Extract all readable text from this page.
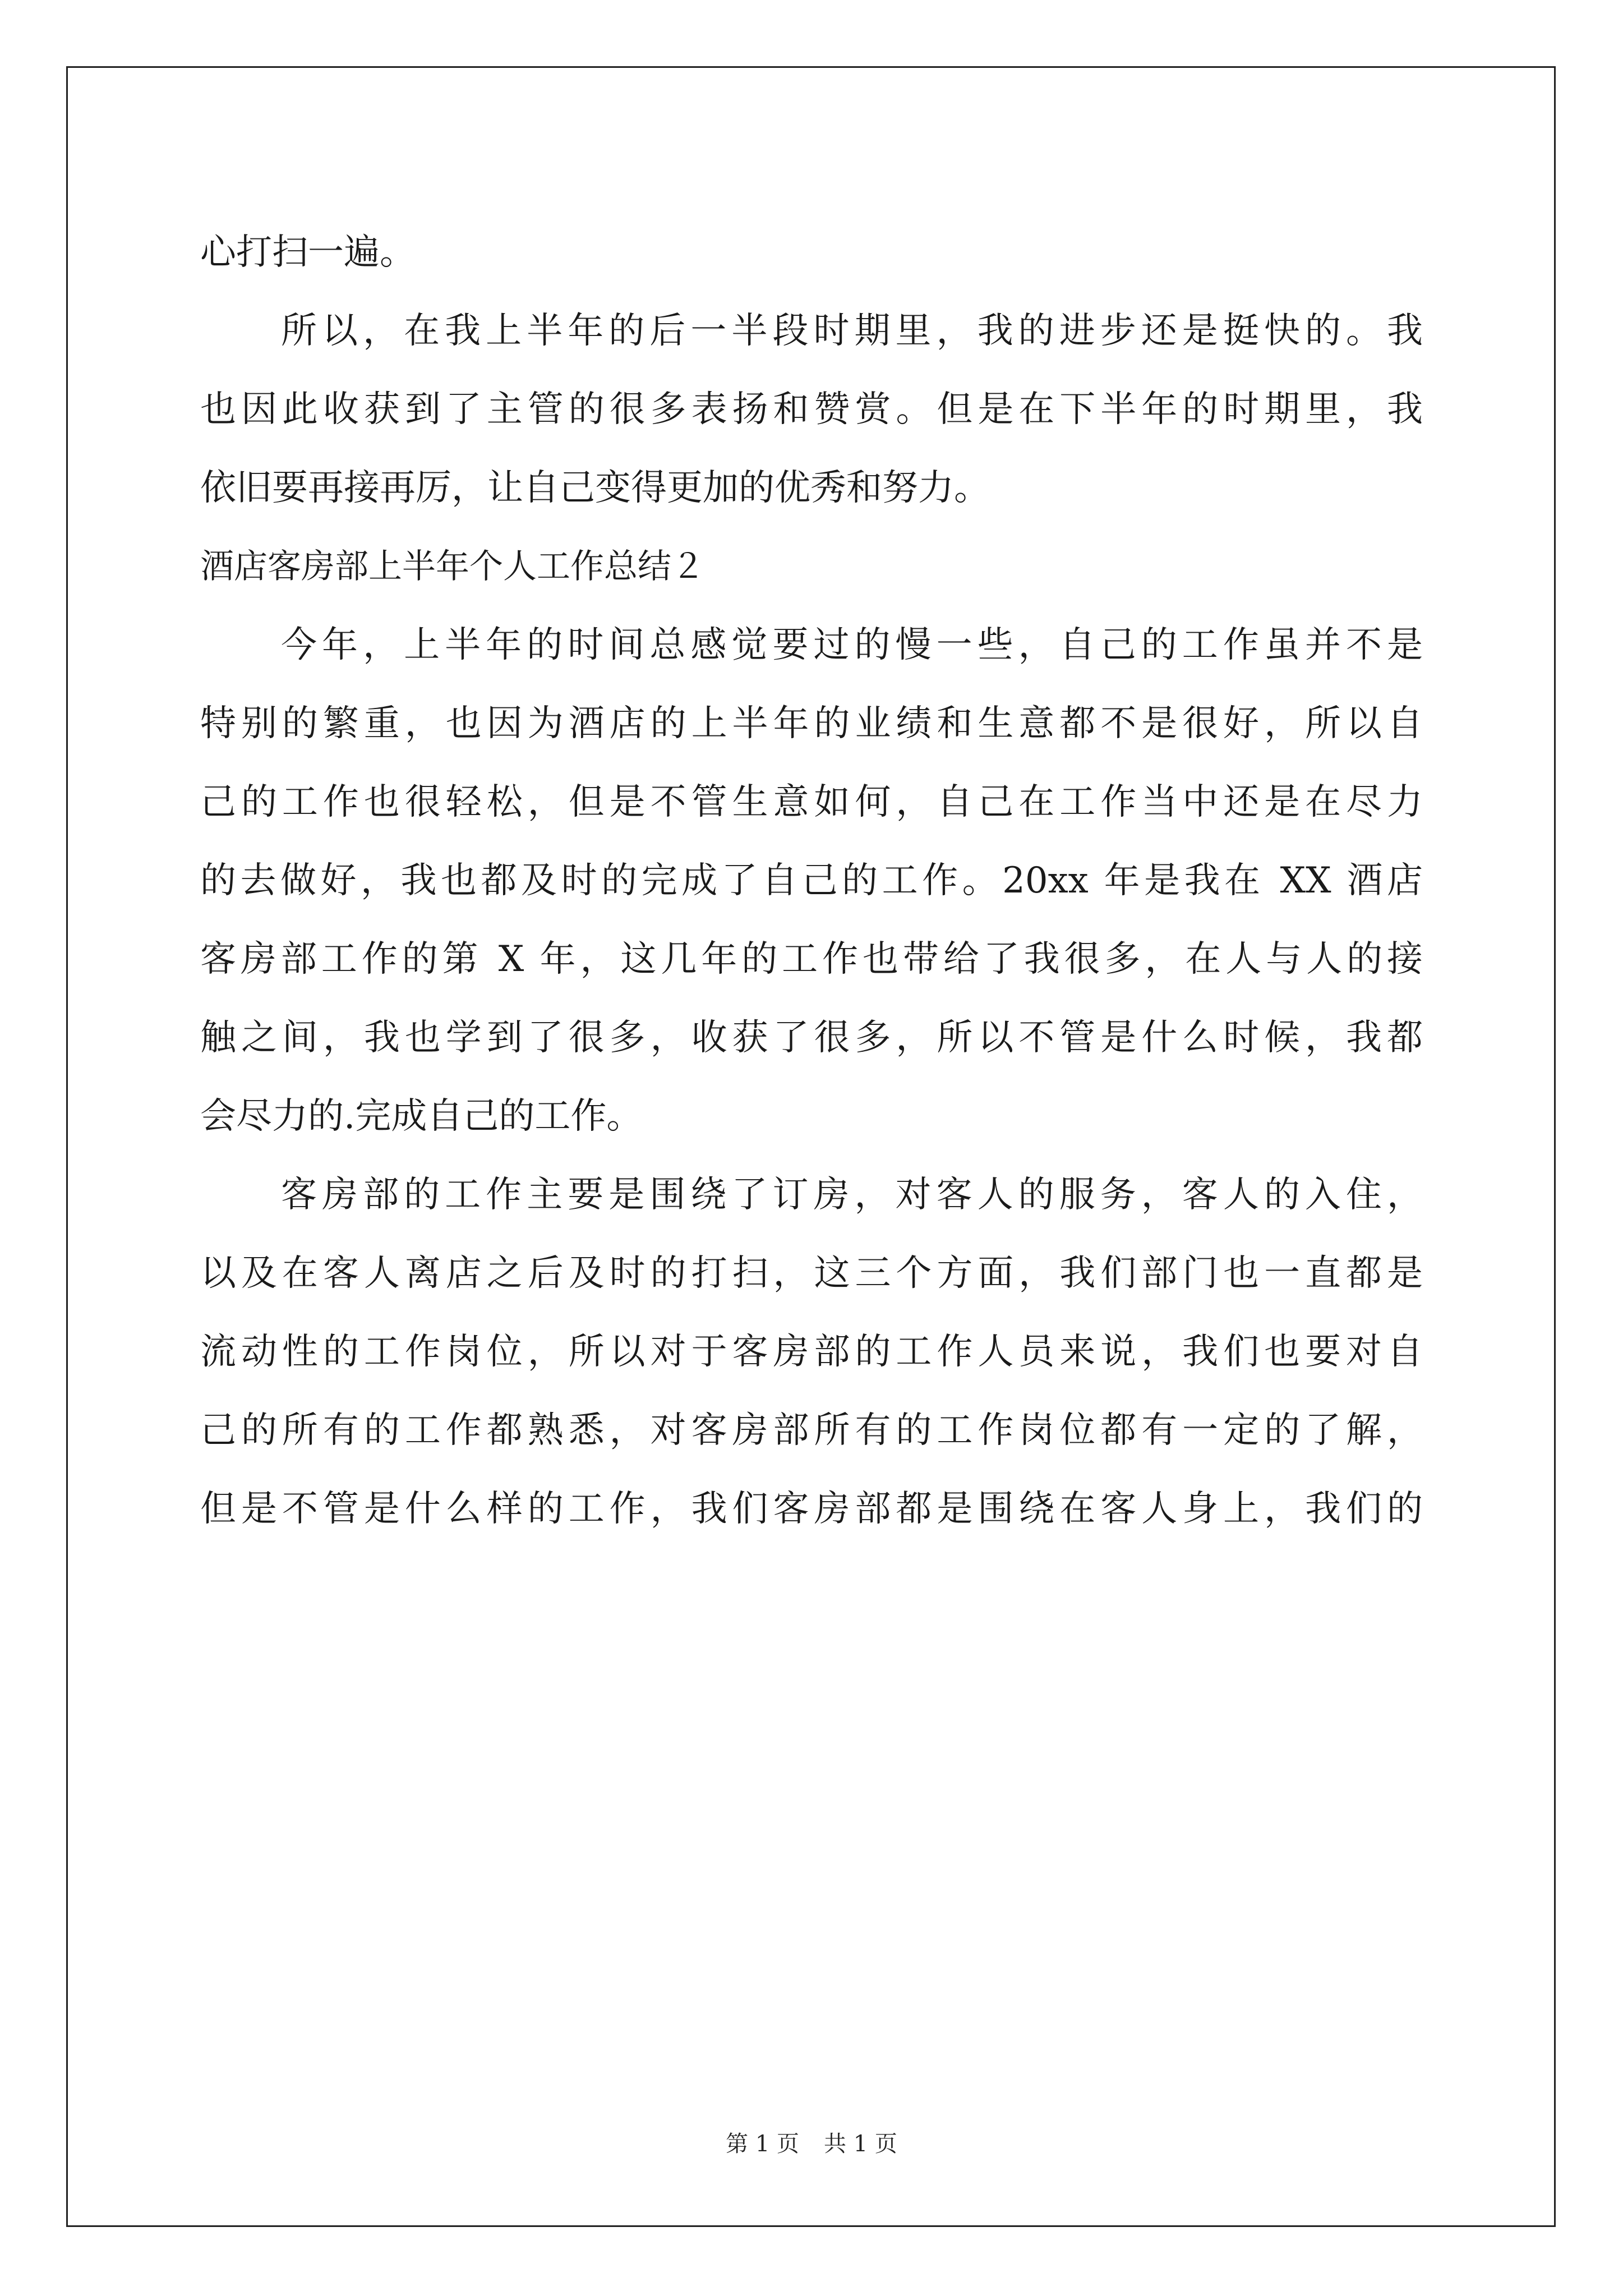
心打扫一遍。
所以，在我上半年的后一半段时期里，我的进步还是挺快的。我
也因此收获到了主管的很多表扬和赞赏。但是在下半年的时期里，我
依旧要再接再厉，让自己变得更加的优秀和努力。
酒店客房部上半年个人工作总结２
今年，上半年的时间总感觉要过的慢一些，自己的工作虽并不是
特别的繁重，也因为酒店的上半年的业绩和生意都不是很好，所以自
己的工作也很轻松，但是不管生意如何，自己在工作当中还是在尽力
的去做好，我也都及时的完成了自己的工作。20xx 年是我在 XX 酒店
客房部工作的第 X 年，这几年的工作也带给了我很多，在人与人的接
触之间，我也学到了很多，收获了很多，所以不管是什么时候，我都
会尽力的.完成自己的工作。
客房部的工作主要是围绕了订房，对客人的服务，客人的入住，
以及在客人离店之后及时的打扫，这三个方面，我们部门也一直都是
流动性的工作岗位，所以对于客房部的工作人员来说，我们也要对自
己的所有的工作都熟悉，对客房部所有的工作岗位都有一定的了解，
但是不管是什么样的工作，我们客房部都是围绕在客人身上，我们的
第 1 页 共 1 页
